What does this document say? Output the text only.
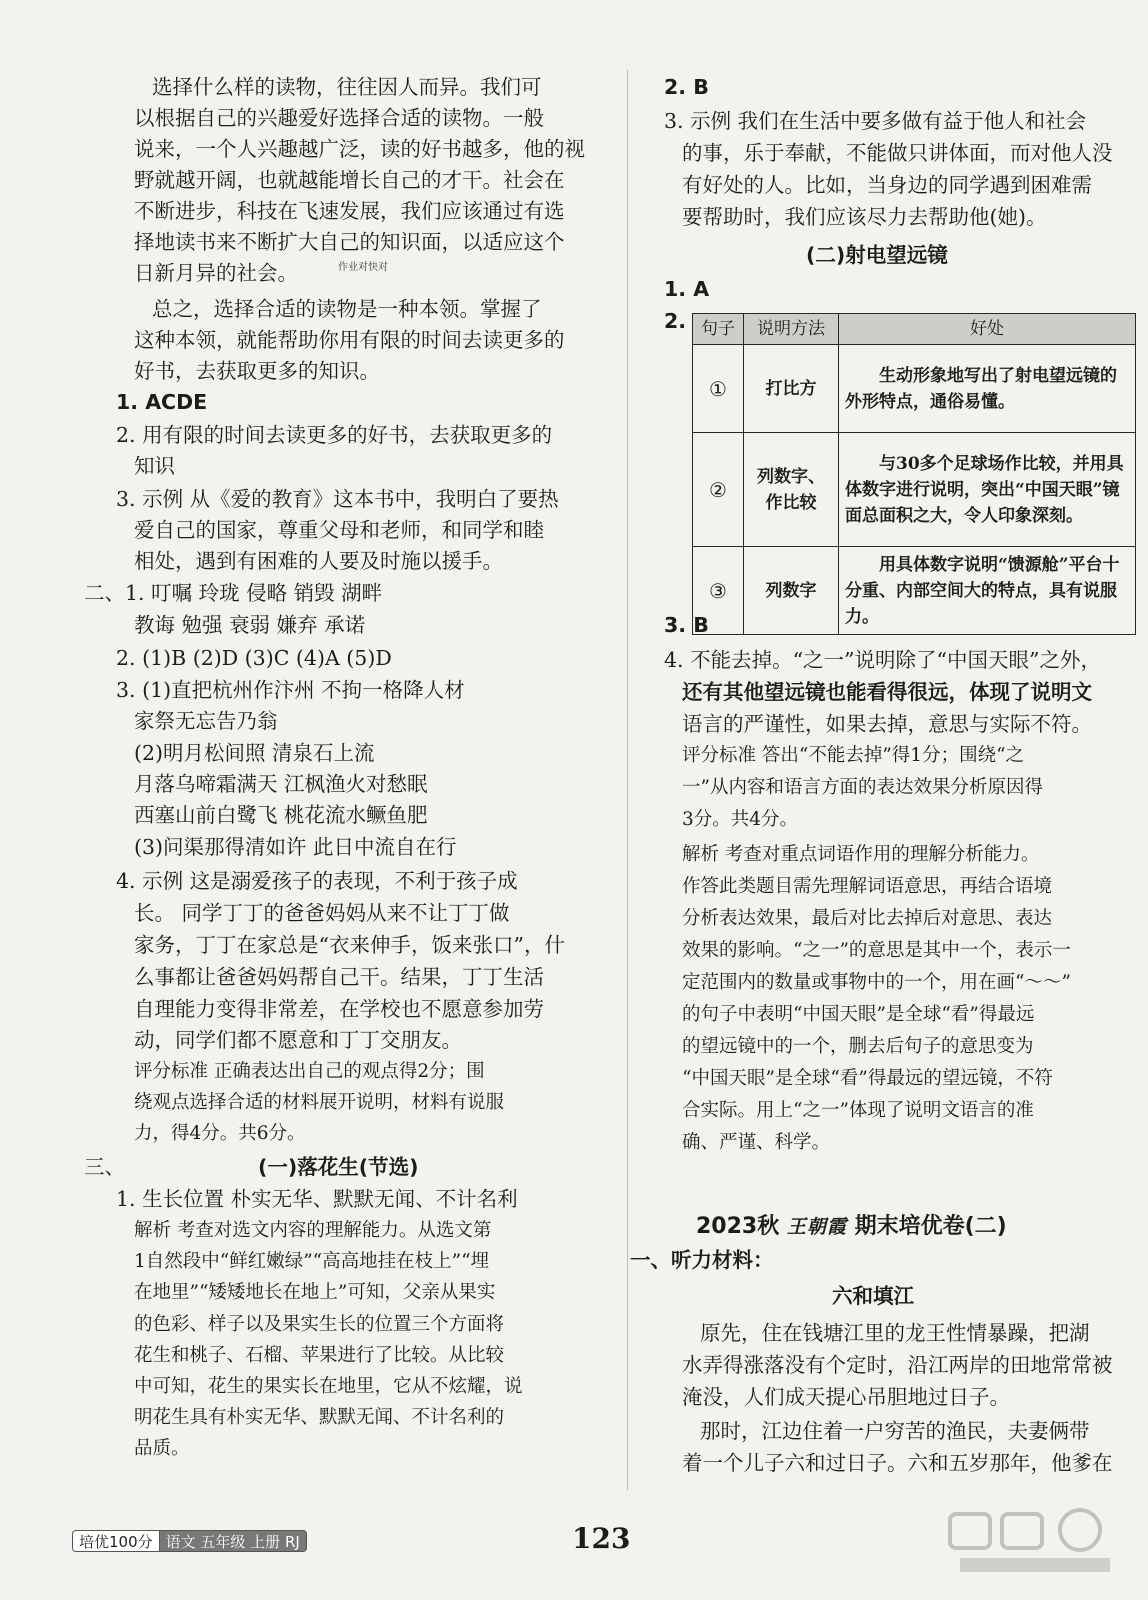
选择什么样的读物，往往因人而异。我们可
以根据自己的兴趣爱好选择合适的读物。一般
说来，一个人兴趣越广泛，读的好书越多，他的视
野就越开阔，也就越能增长自己的才干。社会在
不断进步，科技在飞速发展，我们应该通过有选
择地读书来不断扩大自己的知识面，以适应这个
日新月异的社会。
总之，选择合适的读物是一种本领。掌握了
这种本领，就能帮助你用有限的时间去读更多的
好书，去获取更多的知识。
1. ACDE
2. 用有限的时间去读更多的好书，去获取更多的
知识
3. 示例 从《爱的教育》这本书中，我明白了要热
爱自己的国家，尊重父母和老师，和同学和睦
相处，遇到有困难的人要及时施以援手。
二、1. 叮嘱 玲珑 侵略 销毁 湖畔
教诲 勉强 衰弱 嫌弃 承诺
2. (1)B (2)D (3)C (4)A (5)D
3. (1)直把杭州作汴州 不拘一格降人材
家祭无忘告乃翁
(2)明月松间照 清泉石上流
月落乌啼霜满天 江枫渔火对愁眠
西塞山前白鹭飞 桃花流水鳜鱼肥
(3)问渠那得清如许 此日中流自在行
4. 示例 这是溺爱孩子的表现，不利于孩子成
长。 同学丁丁的爸爸妈妈从来不让丁丁做
家务，丁丁在家总是“衣来伸手，饭来张口”，什
么事都让爸爸妈妈帮自己干。结果，丁丁生活
自理能力变得非常差，在学校也不愿意参加劳
动，同学们都不愿意和丁丁交朋友。
评分标准 正确表达出自己的观点得2分；围
绕观点选择合适的材料展开说明，材料有说服
力，得4分。共6分。
三、	(一)落花生(节选)
1. 生长位置 朴实无华、默默无闻、不计名利
解析 考查对选文内容的理解能力。从选文第
1自然段中“鲜红嫩绿”“高高地挂在枝上”“埋
在地里”“矮矮地长在地上”可知，父亲从果实
的色彩、样子以及果实生长的位置三个方面将
花生和桃子、石榴、苹果进行了比较。从比较
中可知，花生的果实长在地里，它从不炫耀，说
明花生具有朴实无华、默默无闻、不计名利的
品质。
作业对快对
2. B
3. 示例 我们在生活中要多做有益于他人和社会
的事，乐于奉献，不能做只讲体面，而对他人没
有好处的人。比如，当身边的同学遇到困难需
要帮助时，我们应该尽力去帮助他(她)。
(二)射电望远镜
1. A
2. 句子	说明方法	好处
①	打比方	生动形象地写出了射电望远镜的外形特点，通俗易懂。
②	列数字、作比较	与30多个足球场作比较，并用具体数字进行说明，突出“中国天眼”镜面总面积之大，令人印象深刻。
③	列数字	用具体数字说明“馈源舱”平台十分重、内部空间大的特点，具有说服力。
3. B
4. 不能去掉。“之一”说明除了“中国天眼”之外，
还有其他望远镜也能看得很远，体现了说明文
语言的严谨性，如果去掉，意思与实际不符。
评分标准 答出“不能去掉”得1分；围绕“之
一”从内容和语言方面的表达效果分析原因得
3分。共4分。
解析 考查对重点词语作用的理解分析能力。
作答此类题目需先理解词语意思，再结合语境
分析表达效果，最后对比去掉后对意思、表达
效果的影响。“之一”的意思是其中一个，表示一
定范围内的数量或事物中的一个，用在画“～～”
的句子中表明“中国天眼”是全球“看”得最远
的望远镜中的一个，删去后句子的意思变为
“中国天眼”是全球“看”得最远的望远镜，不符
合实际。用上“之一”体现了说明文语言的准
确、严谨、科学。
2023秋 王朝霞 期末培优卷(二)
一、听力材料：
六和填江
原先，住在钱塘江里的龙王性情暴躁，把湖
水弄得涨落没有个定时，沿江两岸的田地常常被
淹没，人们成天提心吊胆地过日子。
那时，江边住着一户穷苦的渔民，夫妻俩带
着一个儿子六和过日子。六和五岁那年，他爹在
培优100分 语文 五年级 上册 RJ	123
